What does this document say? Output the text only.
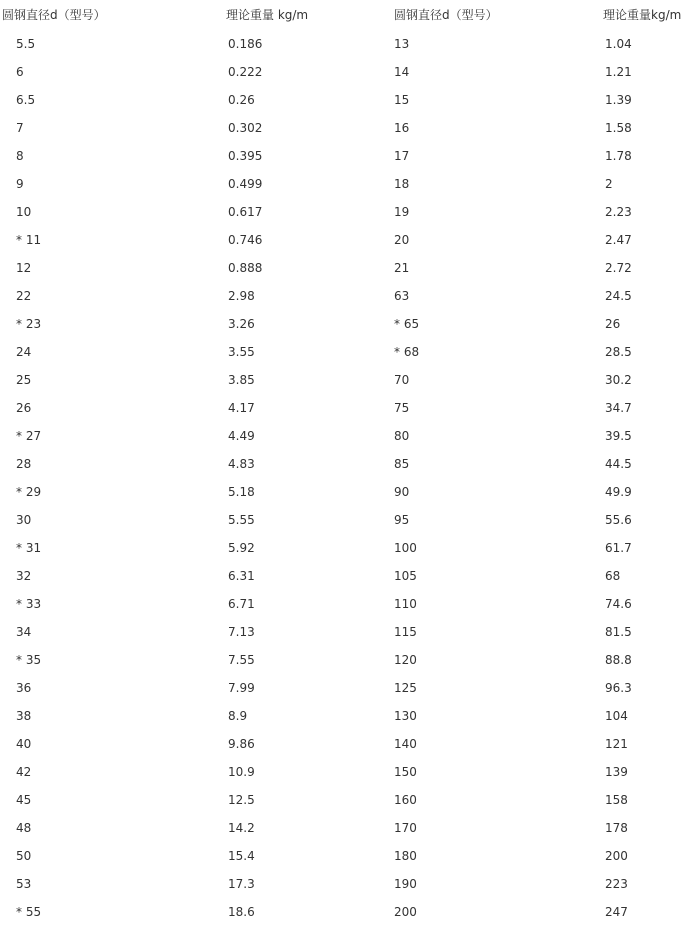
圆钢直径d（型号）	理论重量 kg/m	圆钢直径d（型号）	理论重量kg/m
5.5	0.186	13	1.04
6	0.222	14	1.21
6.5	0.26	15	1.39
7	0.302	16	1.58
8	0.395	17	1.78
9	0.499	18	2
10	0.617	19	2.23
* 11	0.746	20	2.47
12	0.888	21	2.72
22	2.98	63	24.5
* 23	3.26	* 65	26
24	3.55	* 68	28.5
25	3.85	70	30.2
26	4.17	75	34.7
* 27	4.49	80	39.5
28	4.83	85	44.5
* 29	5.18	90	49.9
30	5.55	95	55.6
* 31	5.92	100	61.7
32	6.31	105	68
* 33	6.71	110	74.6
34	7.13	115	81.5
* 35	7.55	120	88.8
36	7.99	125	96.3
38	8.9	130	104
40	9.86	140	121
42	10.9	150	139
45	12.5	160	158
48	14.2	170	178
50	15.4	180	200
53	17.3	190	223
* 55	18.6	200	247
